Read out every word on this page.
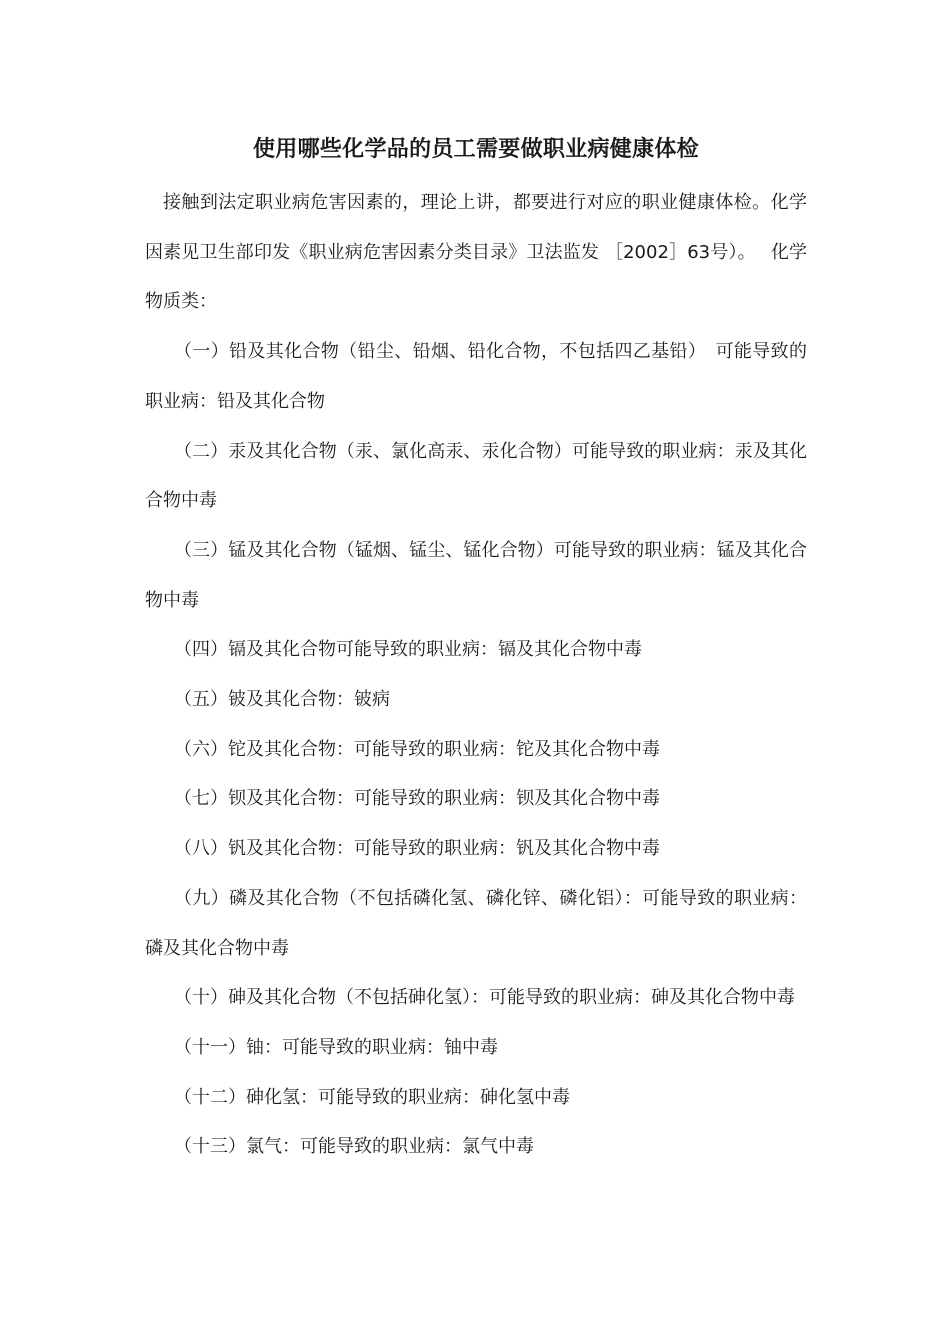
使用哪些化学品的员工需要做职业病健康体检

接触到法定职业病危害因素的，理论上讲，都要进行对应的职业健康体检。化学因素见卫生部印发《职业病危害因素分类目录》卫法监发 ［2002］63号）。　 化学物质类：

（一）铅及其化合物（铅尘、铅烟、铅化合物，不包括四乙基铅）　可能导致的职业病：铅及其化合物

（二）汞及其化合物（汞、氯化高汞、汞化合物）可能导致的职业病：汞及其化合物中毒

（三）锰及其化合物（锰烟、锰尘、锰化合物）可能导致的职业病：锰及其化合物中毒

（四）镉及其化合物可能导致的职业病：镉及其化合物中毒

（五）铍及其化合物：铍病

（六）铊及其化合物：可能导致的职业病：铊及其化合物中毒

（七）钡及其化合物：可能导致的职业病：钡及其化合物中毒

（八）钒及其化合物：可能导致的职业病：钒及其化合物中毒

（九）磷及其化合物（不包括磷化氢、磷化锌、磷化铝）：可能导致的职业病：磷及其化合物中毒

（十）砷及其化合物（不包括砷化氢）：可能导致的职业病：砷及其化合物中毒

（十一）铀：可能导致的职业病：铀中毒

（十二）砷化氢：可能导致的职业病：砷化氢中毒

（十三）氯气：可能导致的职业病：氯气中毒
